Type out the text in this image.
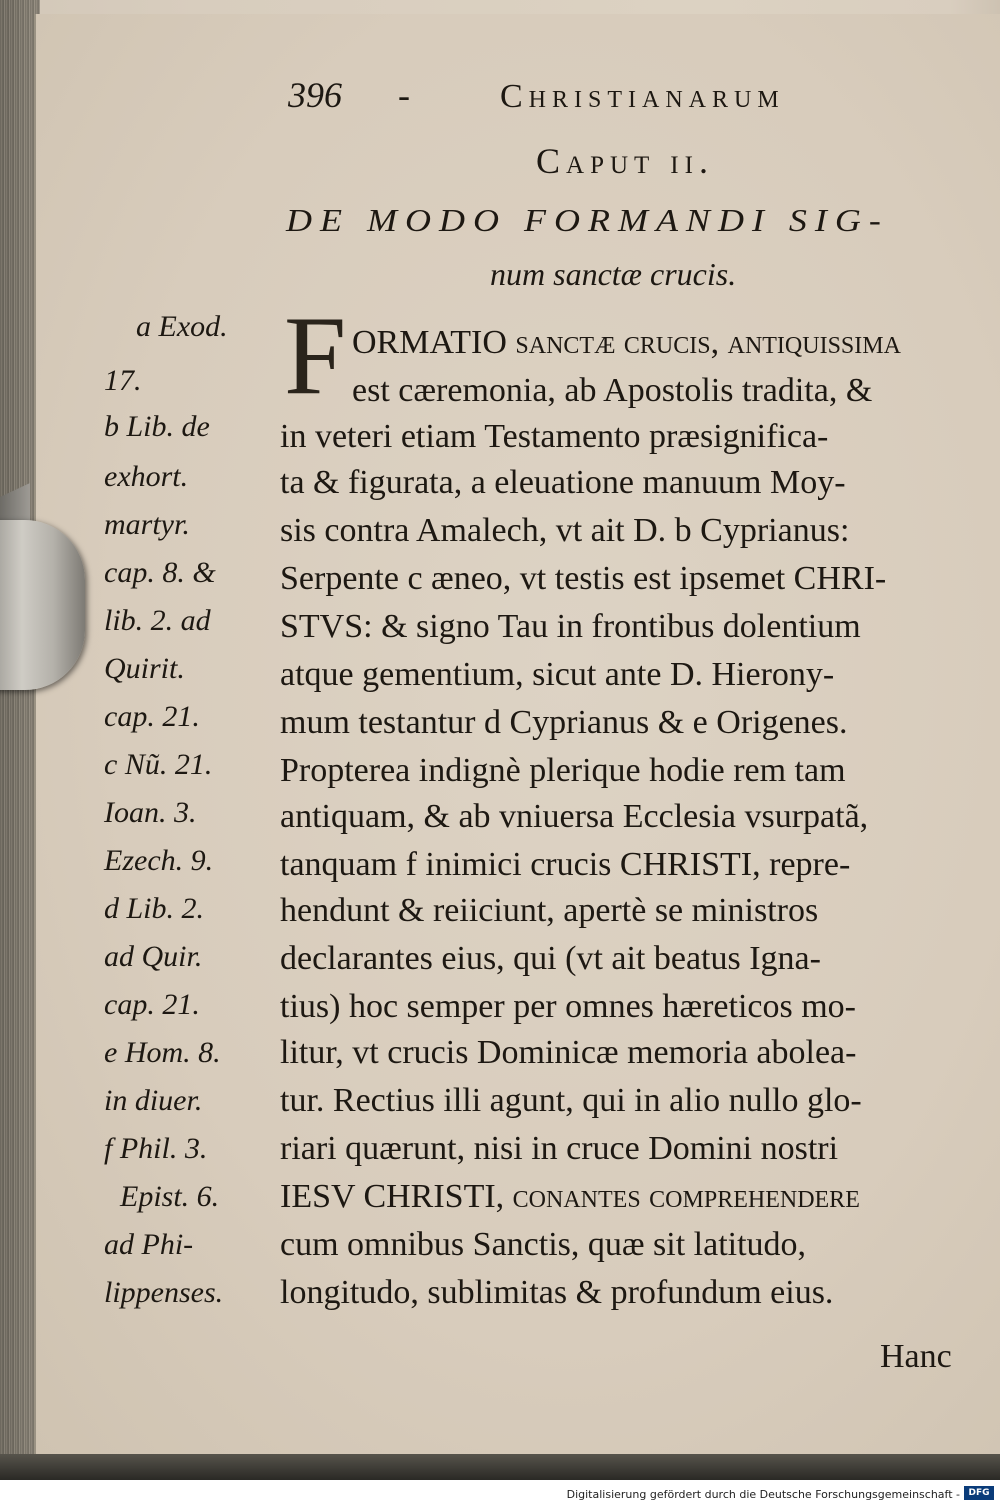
396 -	Christianarum
Caput ii.
DE MODO FORMANDI SIG-
num sanctæ crucis.
a Exod.
17.
b Lib. de
exhort.
martyr.
cap. 8. &
lib. 2. ad
Quirit.
cap. 21.
c Nũ. 21.
Ioan. 3.
Ezech. 9.
d Lib. 2.
ad Quir.
cap. 21.
e Hom. 8.
in diuer.
f Phil. 3.
Epist. 6.
ad Phi-
lippenses.
F ORMATIO sanctæ crucis, antiquissima
est cæremonia, ab Apostolis tradita, &
in veteri etiam Testamento præsignifica-
ta & figurata, a eleuatione manuum Moy-
sis contra Amalech, vt ait D. b Cyprianus:
Serpente c æneo, vt testis est ipsemet CHRI-
STVS: & signo Tau in frontibus dolentium
atque gementium, sicut ante D. Hierony-
mum testantur d Cyprianus & e Origenes.
Propterea indignè plerique hodie rem tam
antiquam, & ab vniuersa Ecclesia vsurpatã,
tanquam f inimici crucis CHRISTI, repre-
hendunt & reiiciunt, apertè se ministros
declarantes eius, qui (vt ait beatus Igna-
tius) hoc semper per omnes hæreticos mo-
litur, vt crucis Dominicæ memoria abolea-
tur. Rectius illi agunt, qui in alio nullo glo-
riari quærunt, nisi in cruce Domini nostri
IESV CHRISTI, conantes comprehendere
cum omnibus Sanctis, quæ sit latitudo,
longitudo, sublimitas & profundum eius.
Hanc
Digitalisierung gefördert durch die Deutsche Forschungsgemeinschaft - DFG
